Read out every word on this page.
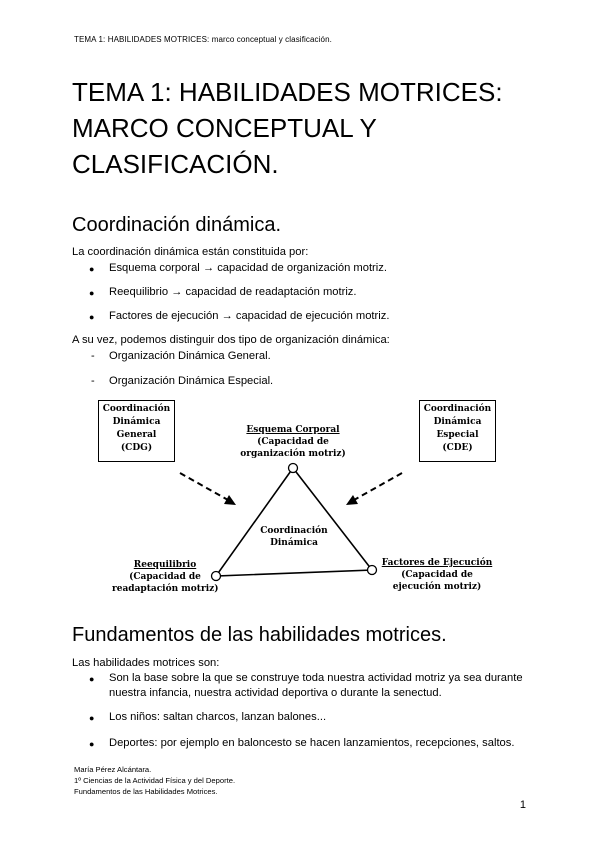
TEMA 1: HABILIDADES MOTRICES: marco conceptual y clasificación.
TEMA 1: HABILIDADES MOTRICES:
MARCO CONCEPTUAL Y
CLASIFICACIÓN.
Coordinación dinámica.
La coordinación dinámica están constituida por:
● Esquema corporal → capacidad de organización motriz.
● Reequilibrio → capacidad de readaptación motriz.
● Factores de ejecución → capacidad de ejecución motriz.
A su vez, podemos distinguir dos tipo de organización dinámica:
- Organización Dinámica General.
- Organización Dinámica Especial.
Coordinación
Dinámica
General
(CDG)
Coordinación
Dinámica
Especial
(CDE)
Esquema Corporal
(Capacidad de
organización motriz)
Coordinación
Dinámica
Reequilibrio
(Capacidad de
readaptación motriz)
Factores de Ejecución
(Capacidad de
ejecución motriz)
Fundamentos de las habilidades motrices.
Las habilidades motrices son:
● Son la base sobre la que se construye toda nuestra actividad motriz ya sea durante
nuestra infancia, nuestra actividad deportiva o durante la senectud.
● Los niños: saltan charcos, lanzan balones...
● Deportes: por ejemplo en baloncesto se hacen lanzamientos, recepciones, saltos.
María Pérez Alcántara.
1º Ciencias de la Actividad Física y del Deporte.
Fundamentos de las Habilidades Motrices.
1
